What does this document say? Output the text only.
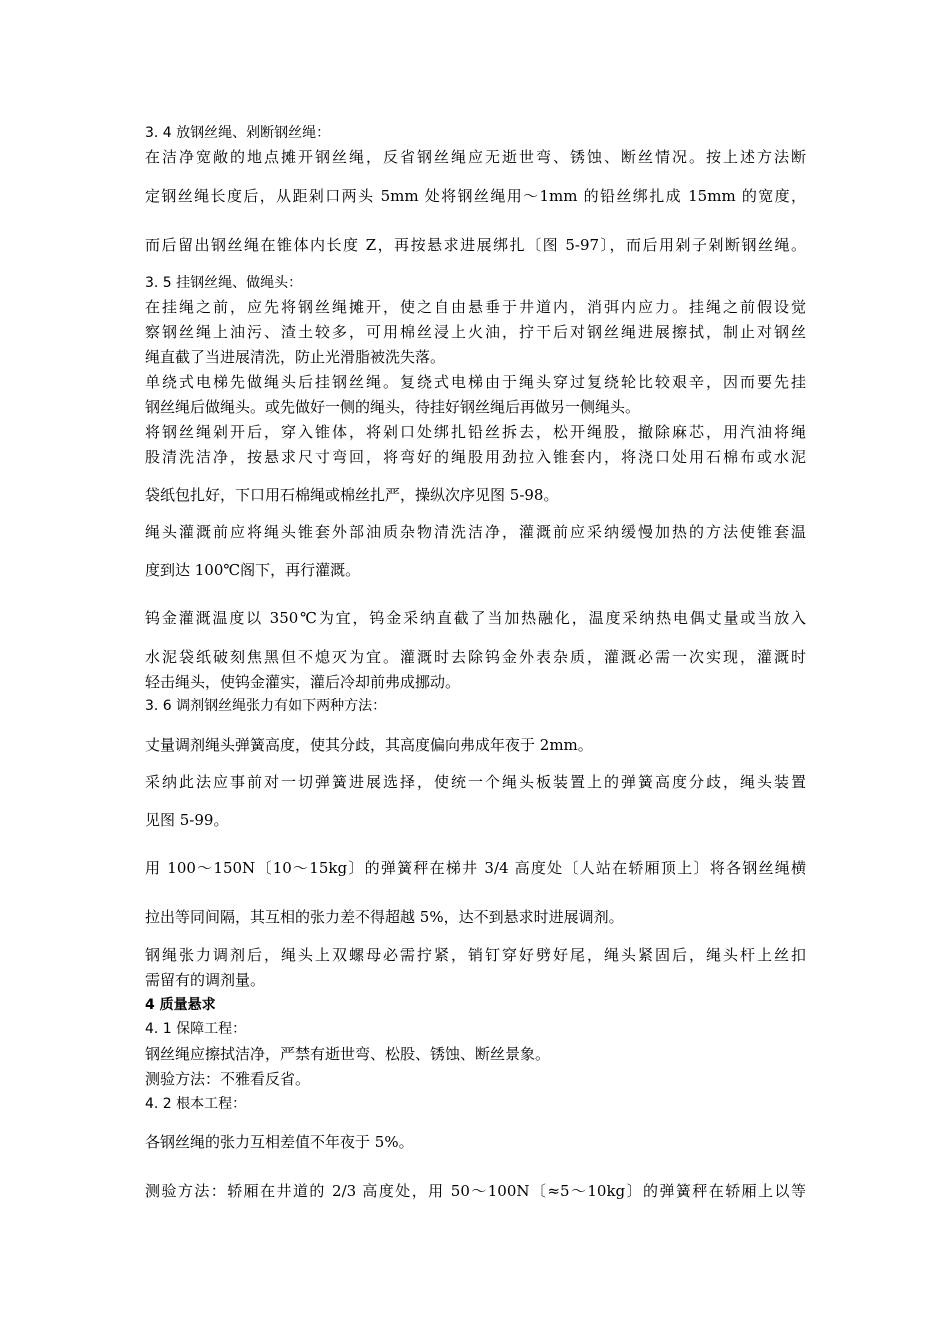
3. 4 放钢丝绳、剁断钢丝绳：

在洁净宽敞的地点摊开钢丝绳，反省钢丝绳应无逝世弯、锈蚀、断丝情况。按上述方法断

定钢丝绳长度后，从距剁口两头 5mm 处将钢丝绳用～1mm 的铅丝绑扎成 15mm 的宽度，

而后留出钢丝绳在锥体内长度 Z，再按悬求进展绑扎〔图 5-97〕，而后用剁子剁断钢丝绳。

3. 5 挂钢丝绳、做绳头：

在挂绳之前，应先将钢丝绳摊开，使之自由悬垂于井道内，消弭内应力。挂绳之前假设觉

察钢丝绳上油污、渣土较多，可用棉丝浸上火油，拧干后对钢丝绳进展擦拭，制止对钢丝

绳直截了当进展清洗，防止光滑脂被洗失落。

单绕式电梯先做绳头后挂钢丝绳。复绕式电梯由于绳头穿过复绕轮比较艰辛，因而要先挂

钢丝绳后做绳头。或先做好一侧的绳头，待挂好钢丝绳后再做另一侧绳头。

将钢丝绳剁开后，穿入锥体，将剁口处绑扎铅丝拆去，松开绳股，撤除麻芯，用汽油将绳

股清洗洁净，按悬求尺寸弯回，将弯好的绳股用劲拉入锥套内，将浇口处用石棉布或水泥

袋纸包扎好，下口用石棉绳或棉丝扎严，操纵次序见图 5-98。

绳头灌溉前应将绳头锥套外部油质杂物清洗洁净，灌溉前应采纳缓慢加热的方法使锥套温

度到达 100℃阁下，再行灌溉。

钨金灌溉温度以 350℃为宜，钨金采纳直截了当加热融化，温度采纳热电偶丈量或当放入

水泥袋纸破刻焦黑但不熄灭为宜。灌溉时去除钨金外表杂质，灌溉必需一次实现，灌溉时

轻击绳头，使钨金灌实，灌后冷却前弗成挪动。

3. 6 调剂钢丝绳张力有如下两种方法：

丈量调剂绳头弹簧高度，使其分歧，其高度偏向弗成年夜于 2mm。

采纳此法应事前对一切弹簧进展选择，使统一个绳头板装置上的弹簧高度分歧，绳头装置

见图 5-99。

用 100～150N〔10～15kg〕的弹簧秤在梯井 3/4 高度处〔人站在轿厢顶上〕将各钢丝绳横

拉出等同间隔，其互相的张力差不得超越 5%，达不到悬求时进展调剂。

钢绳张力调剂后，绳头上双螺母必需拧紧，销钉穿好劈好尾，绳头紧固后，绳头杆上丝扣

需留有的调剂量。

4 质量悬求

4. 1 保障工程：

钢丝绳应擦拭洁净，严禁有逝世弯、松股、锈蚀、断丝景象。

测验方法：不雅看反省。

4. 2 根本工程：

各钢丝绳的张力互相差值不年夜于 5%。

测验方法：轿厢在井道的 2/3 高度处，用 50～100N〔≈5～10kg〕的弹簧秤在轿厢上以等
